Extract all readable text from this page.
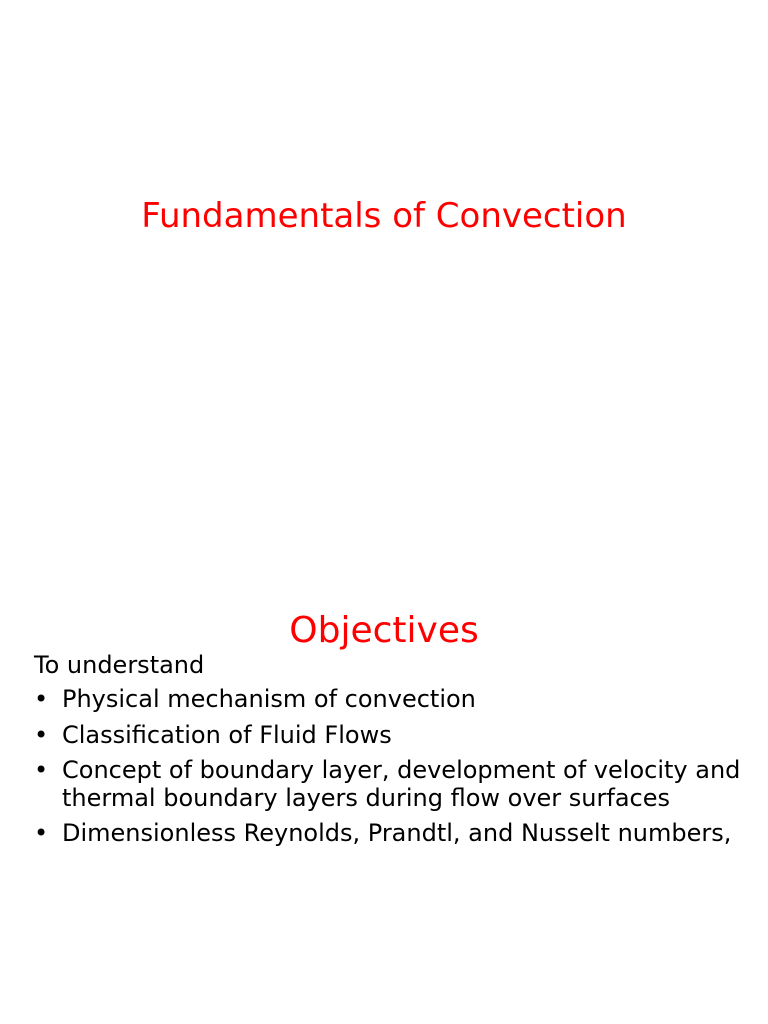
Fundamentals of Convection
Objectives
To understand
• Physical mechanism of convection
• Classification of Fluid Flows
• Concept of boundary layer, development of velocity and
thermal boundary layers during flow over surfaces
• Dimensionless Reynolds, Prandtl, and Nusselt numbers,
